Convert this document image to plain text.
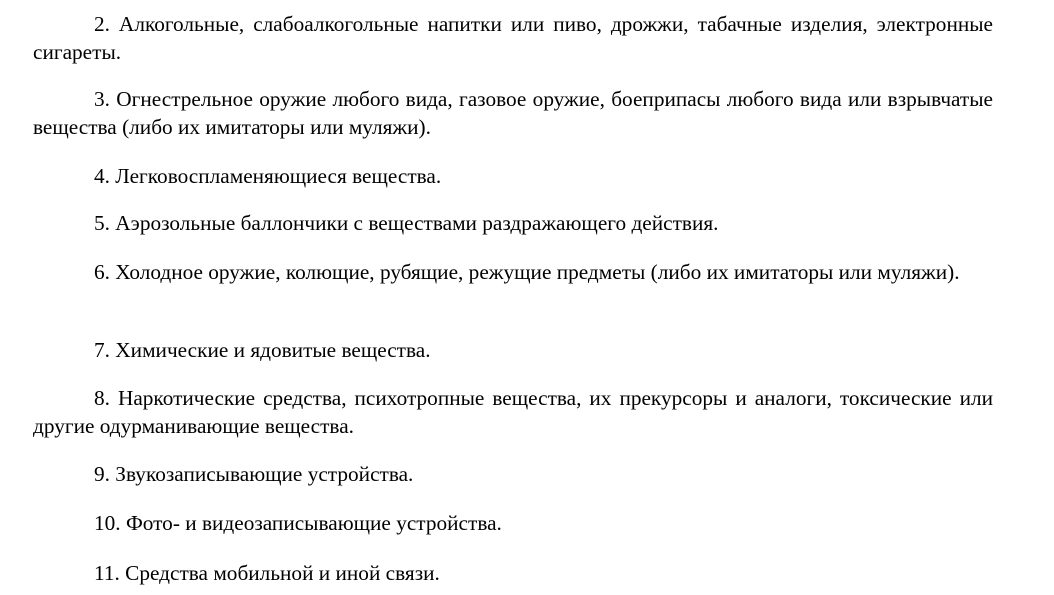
2. Алкогольные, слабоалкогольные напитки или пиво, дрожжи, табачные изделия, электронные сигареты.

3. Огнестрельное оружие любого вида, газовое оружие, боеприпасы любого вида или взрывчатые вещества (либо их имитаторы или муляжи).

4. Легковоспламеняющиеся вещества.

5. Аэрозольные баллончики с веществами раздражающего действия.

6. Холодное оружие, колющие, рубящие, режущие предметы (либо их имитаторы или муляжи).

7. Химические и ядовитые вещества.

8. Наркотические средства, психотропные вещества, их прекурсоры и аналоги, токсические или другие одурманивающие вещества.

9. Звукозаписывающие устройства.

10. Фото- и видеозаписывающие устройства.

11. Средства мобильной и иной связи.
